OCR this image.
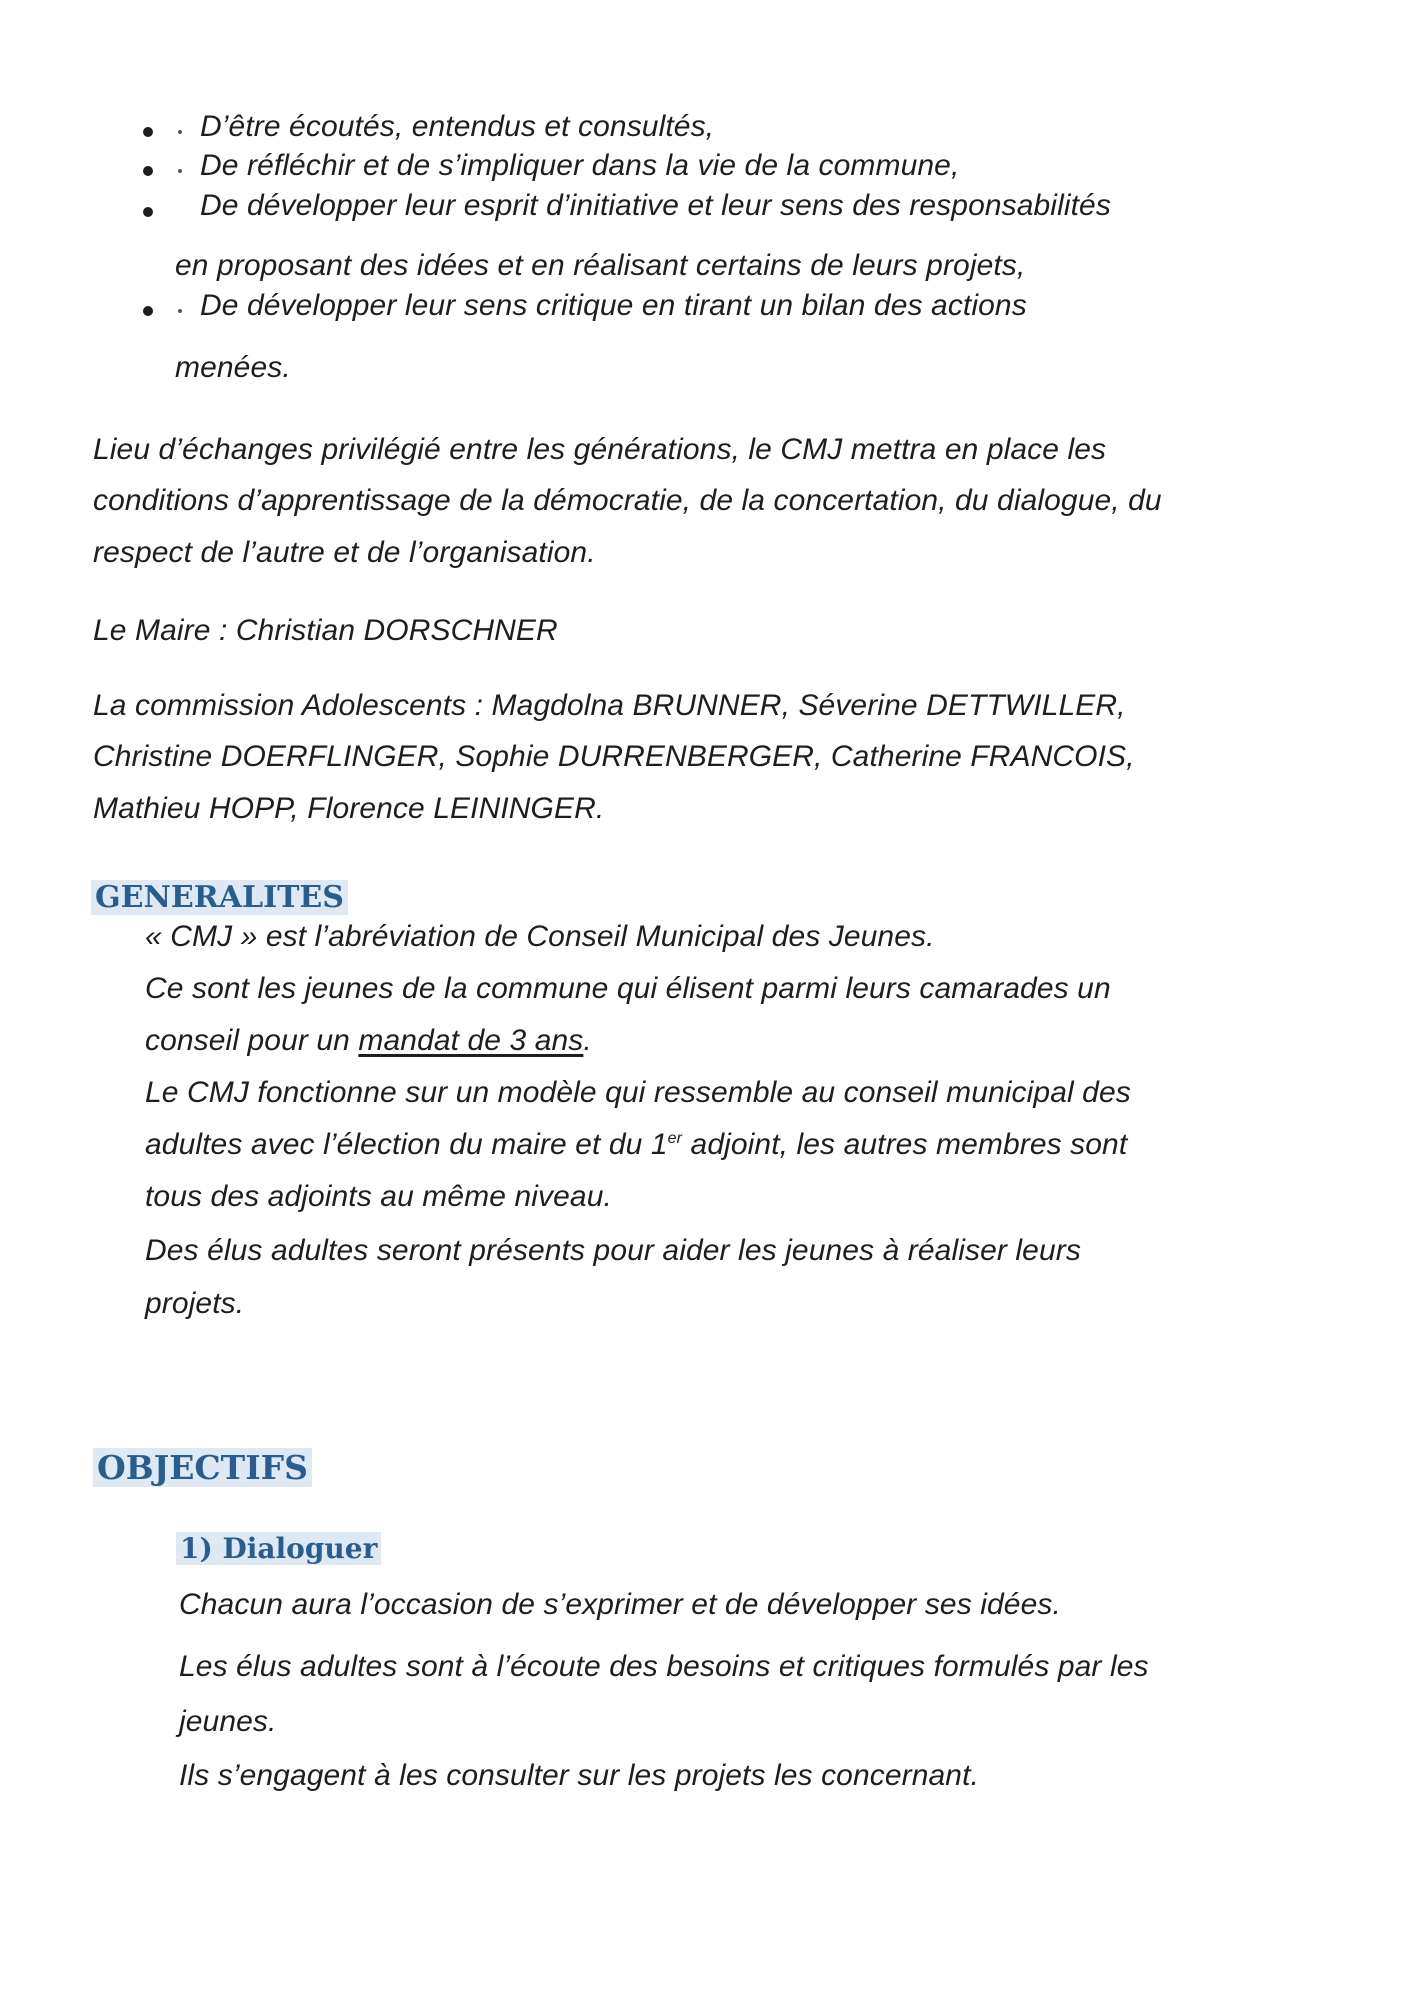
D’être écoutés, entendus et consultés,
De réfléchir et de s’impliquer dans la vie de la commune,
De développer leur esprit d’initiative et leur sens des responsabilités
en proposant des idées et en réalisant certains de leurs projets,
De développer leur sens critique en tirant un bilan des actions
menées.
Lieu d’échanges privilégié entre les générations, le CMJ mettra en place les
conditions d’apprentissage de la démocratie, de la concertation, du dialogue, du
respect de l’autre et de l’organisation.
Le Maire : Christian DORSCHNER
La commission Adolescents : Magdolna BRUNNER, Séverine DETTWILLER,
Christine DOERFLINGER, Sophie DURRENBERGER, Catherine FRANCOIS,
Mathieu HOPP, Florence LEININGER.
GENERALITES
« CMJ » est l’abréviation de Conseil Municipal des Jeunes.
Ce sont les jeunes de la commune qui élisent parmi leurs camarades un
conseil pour un mandat de 3 ans.
Le CMJ fonctionne sur un modèle qui ressemble au conseil municipal des
adultes avec l’élection du maire et du 1er adjoint, les autres membres sont
tous des adjoints au même niveau.
Des élus adultes seront présents pour aider les jeunes à réaliser leurs
projets.
OBJECTIFS
1) Dialoguer
Chacun aura l’occasion de s’exprimer et de développer ses idées.
Les élus adultes sont à l’écoute des besoins et critiques formulés par les
jeunes.
Ils s’engagent à les consulter sur les projets les concernant.
